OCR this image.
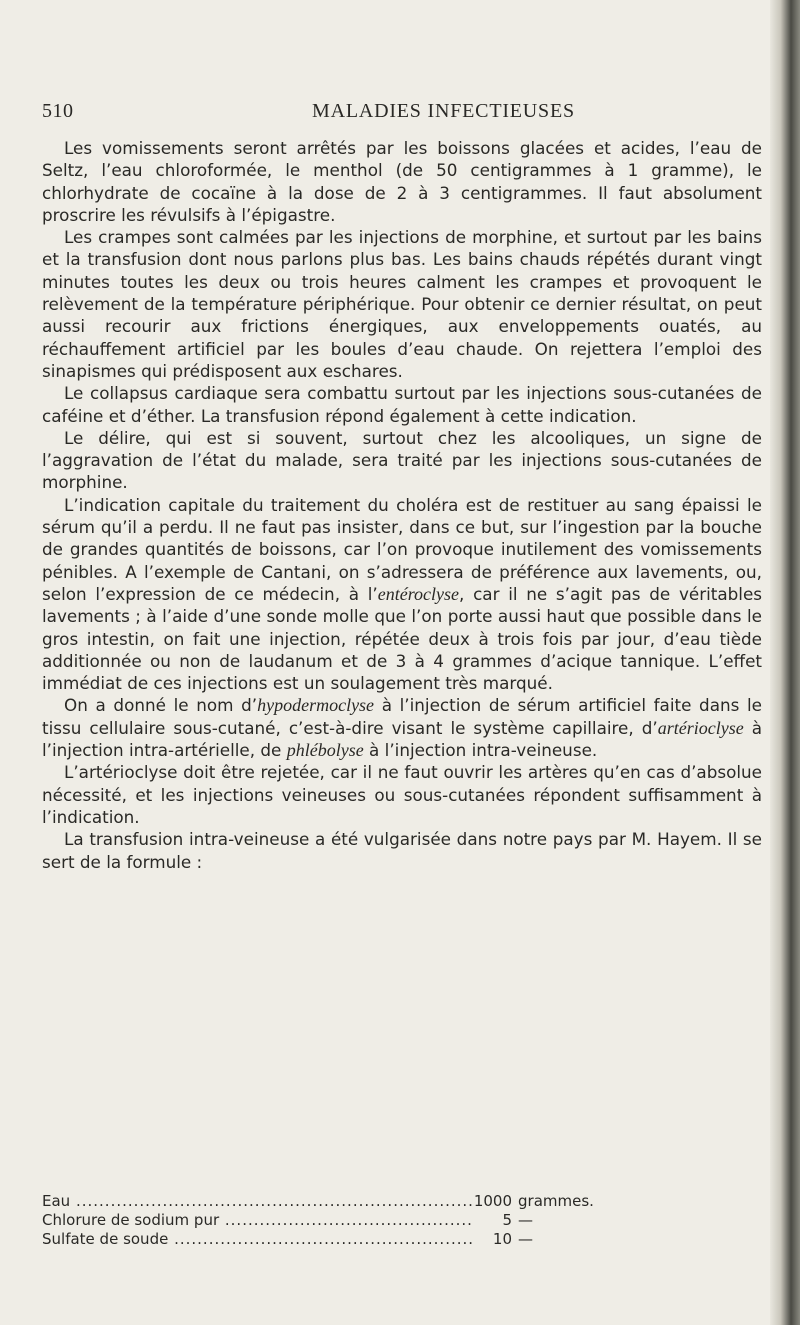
510	MALADIES INFECTIEUSES

Les vomissements seront arrêtés par les boissons glacées et acides, l’eau de Seltz, l’eau chloroformée, le menthol (de 50 centigrammes à 1 gramme), le chlorhydrate de cocaïne à la dose de 2 à 3 centigrammes. Il faut absolument proscrire les révulsifs à l’épigastre.

Les crampes sont calmées par les injections de morphine, et surtout par les bains et la transfusion dont nous parlons plus bas. Les bains chauds répétés durant vingt minutes toutes les deux ou trois heures calment les crampes et provoquent le relèvement de la température périphérique. Pour obtenir ce dernier résultat, on peut aussi recourir aux frictions énergiques, aux enveloppements ouatés, au réchauffement artificiel par les boules d’eau chaude. On rejettera l’emploi des sinapismes qui prédisposent aux eschares.

Le collapsus cardiaque sera combattu surtout par les injections sous-cutanées de caféine et d’éther. La transfusion répond également à cette indication.

Le délire, qui est si souvent, surtout chez les alcooliques, un signe de l’aggravation de l’état du malade, sera traité par les injections sous-cutanées de morphine.

L’indication capitale du traitement du choléra est de restituer au sang épaissi le sérum qu’il a perdu. Il ne faut pas insister, dans ce but, sur l’ingestion par la bouche de grandes quantités de boissons, car l’on provoque inutilement des vomissements pénibles. A l’exemple de Cantani, on s’adressera de préférence aux lavements, ou, selon l’expression de ce médecin, à l’entéroclyse, car il ne s’agit pas de véritables lavements ; à l’aide d’une sonde molle que l’on porte aussi haut que possible dans le gros intestin, on fait une injection, répétée deux à trois fois par jour, d’eau tiède additionnée ou non de laudanum et de 3 à 4 grammes d’acique tannique. L’effet immédiat de ces injections est un soulagement très marqué.

On a donné le nom d’hypodermoclyse à l’injection de sérum artificiel faite dans le tissu cellulaire sous-cutané, c’est-à-dire visant le système capillaire, d’artérioclyse à l’injection intra-artérielle, de phlébolyse à l’injection intra-veineuse.

L’artérioclyse doit être rejetée, car il ne faut ouvrir les artères qu’en cas d’absolue nécessité, et les injections veineuses ou sous-cutanées répondent suffisamment à l’indication.

La transfusion intra-veineuse a été vulgarisée dans notre pays par M. Hayem. Il se sert de la formule :

Eau .....	1000 grammes.
Chlorure de sodium pur .....	5 —
Sulfate de soude .....	10 —
